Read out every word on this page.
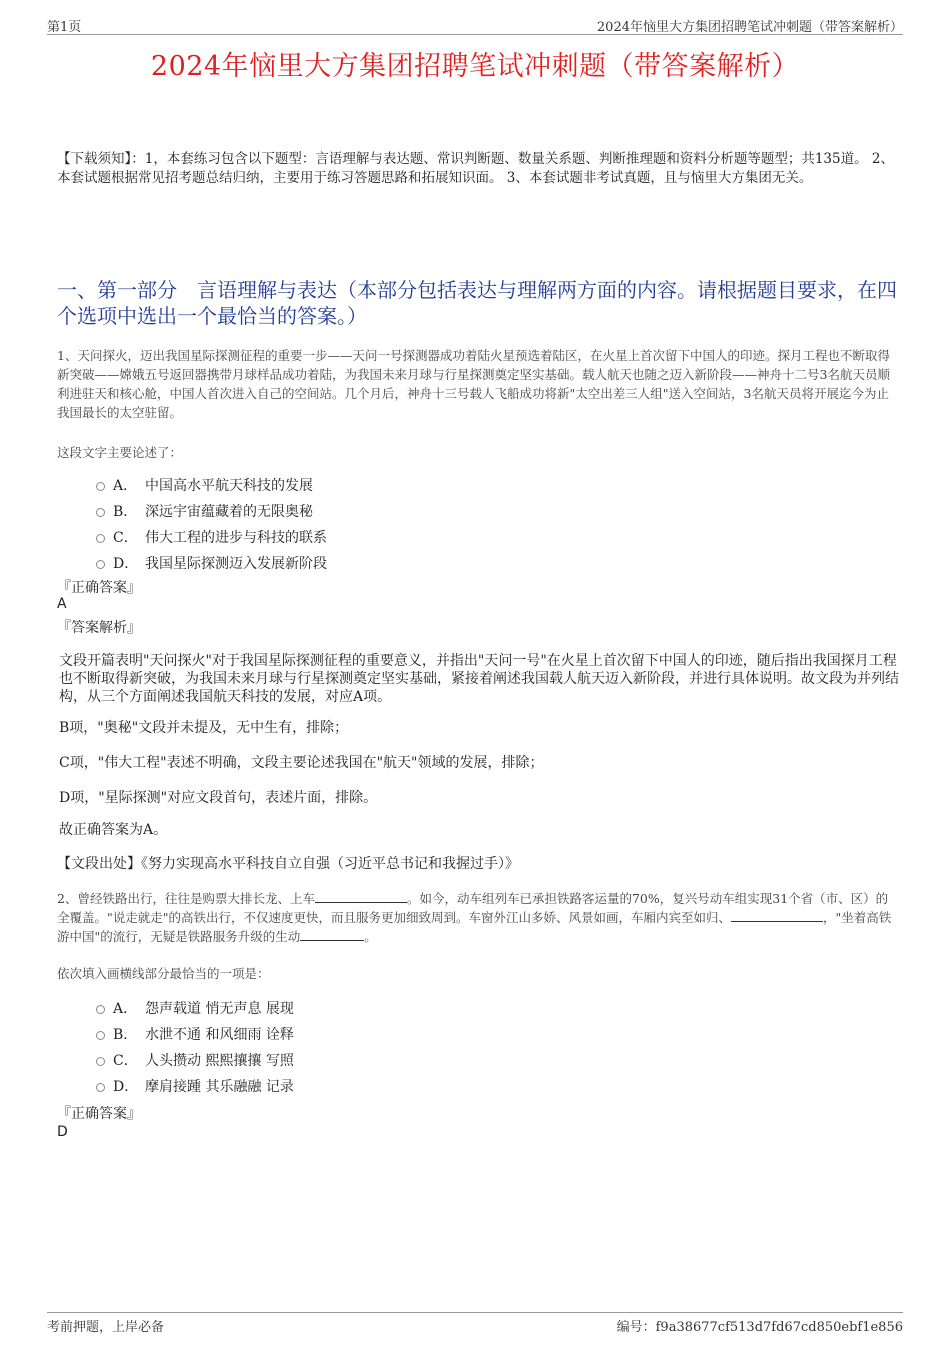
第1页	2024年恼里大方集团招聘笔试冲刺题（带答案解析）
2024年恼里大方集团招聘笔试冲刺题（带答案解析）
【下载须知】：1，本套练习包含以下题型：言语理解与表达题、常识判断题、数量关系题、判断推理题和资料分析题等题型；共135道。 2、本套试题根据常见招考题总结归纳，主要用于练习答题思路和拓展知识面。 3、本套试题非考试真题，且与恼里大方集团无关。
一、第一部分　言语理解与表达（本部分包括表达与理解两方面的内容。请根据题目要求，在四个选项中选出一个最恰当的答案。）
1、天问探火，迈出我国星际探测征程的重要一步——天问一号探测器成功着陆火星预选着陆区，在火星上首次留下中国人的印迹。探月工程也不断取得新突破——嫦娥五号返回器携带月球样品成功着陆，为我国未来月球与行星探测奠定坚实基础。载人航天也随之迈入新阶段——神舟十二号3名航天员顺利进驻天和核心舱，中国人首次进入自己的空间站。几个月后，神舟十三号载人飞船成功将新"太空出差三人组"送入空间站，3名航天员将开展迄今为止我国最长的太空驻留。
这段文字主要论述了：
A． 中国高水平航天科技的发展
B． 深远宇宙蕴藏着的无限奥秘
C． 伟大工程的进步与科技的联系
D． 我国星际探测迈入发展新阶段
『正确答案』
A
『答案解析』
文段开篇表明"天问探火"对于我国星际探测征程的重要意义，并指出"天问一号"在火星上首次留下中国人的印迹，随后指出我国探月工程也不断取得新突破，为我国未来月球与行星探测奠定坚实基础，紧接着阐述我国载人航天迈入新阶段，并进行具体说明。故文段为并列结构，从三个方面阐述我国航天科技的发展，对应A项。
B项，"奥秘"文段并未提及，无中生有，排除；
C项，"伟大工程"表述不明确，文段主要论述我国在"航天"领域的发展，排除；
D项，"星际探测"对应文段首句，表述片面，排除。
故正确答案为A。
【文段出处】《努力实现高水平科技自立自强（习近平总书记和我握过手）》
2、曾经铁路出行，往往是购票大排长龙、上车	。如今，动车组列车已承担铁路客运量的70%，复兴号动车组实现31个省（市、区）的全覆盖。"说走就走"的高铁出行，不仅速度更快，而且服务更加细致周到。车窗外江山多娇、风景如画，车厢内宾至如归、	，"坐着高铁游中国"的流行，无疑是铁路服务升级的生动	。
依次填入画横线部分最恰当的一项是：
A． 怨声载道 悄无声息 展现
B． 水泄不通 和风细雨 诠释
C． 人头攒动 熙熙攘攘 写照
D． 摩肩接踵 其乐融融 记录
『正确答案』
D
考前押题，上岸必备	编号：f9a38677cf513d7fd67cd850ebf1e856
